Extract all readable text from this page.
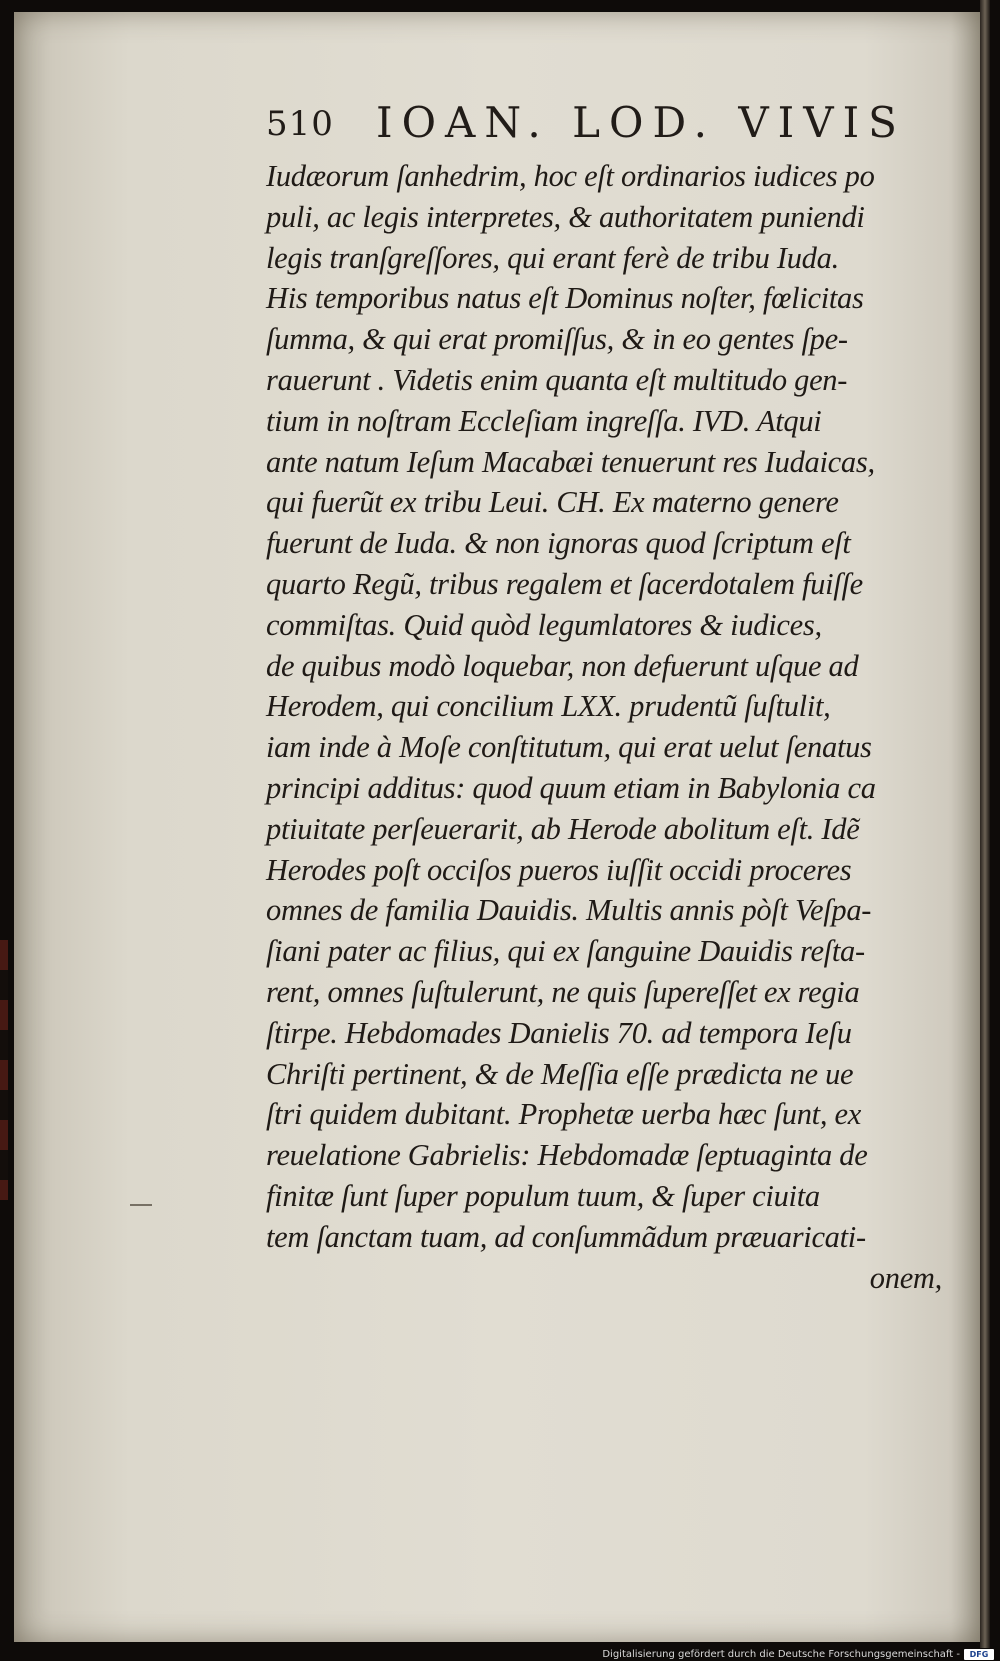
510 IOAN. LOD. VIVIS
Iudæorum ſanhedrim, hoc eſt ordinarios iudices po
puli, ac legis interpretes, & authoritatem puniendi
legis tranſgreſſores, qui erant ferè de tribu Iuda.
His temporibus natus eſt Dominus noſter, fœlicitas
ſumma, & qui erat promiſſus, & in eo gentes ſpe-
rauerunt . Videtis enim quanta eſt multitudo gen-
tium in noſtram Eccleſiam ingreſſa. IVD. Atqui
ante natum Ieſum Macabæi tenuerunt res Iudaicas,
qui fuerũt ex tribu Leui. CH. Ex materno genere
fuerunt de Iuda. & non ignoras quod ſcriptum eſt
quarto Regũ, tribus regalem et ſacerdotalem fuiſſe
commiſtas. Quid quòd legumlatores & iudices,
de quibus modò loquebar, non defuerunt uſque ad
Herodem, qui concilium LXX. prudentũ ſuſtulit,
iam inde à Moſe conſtitutum, qui erat uelut ſenatus
principi additus: quod quum etiam in Babylonia ca
ptiuitate perſeuerarit, ab Herode abolitum eſt. Idẽ
Herodes poſt occiſos pueros iuſſit occidi proceres
omnes de familia Dauidis. Multis annis pòſt Veſpa-
ſiani pater ac filius, qui ex ſanguine Dauidis reſta-
rent, omnes ſuſtulerunt, ne quis ſupereſſet ex regia
ſtirpe. Hebdomades Danielis 70. ad tempora Ieſu
Chriſti pertinent, & de Meſſia eſſe prædicta ne ue
ſtri quidem dubitant. Prophetæ uerba hæc ſunt, ex
reuelatione Gabrielis: Hebdomadæ ſeptuaginta de
finitæ ſunt ſuper populum tuum, & ſuper ciuita
tem ſanctam tuam, ad conſummãdum præuaricati-
onem,
Digitalisierung gefördert durch die Deutsche Forschungsgemeinschaft -	DFG
